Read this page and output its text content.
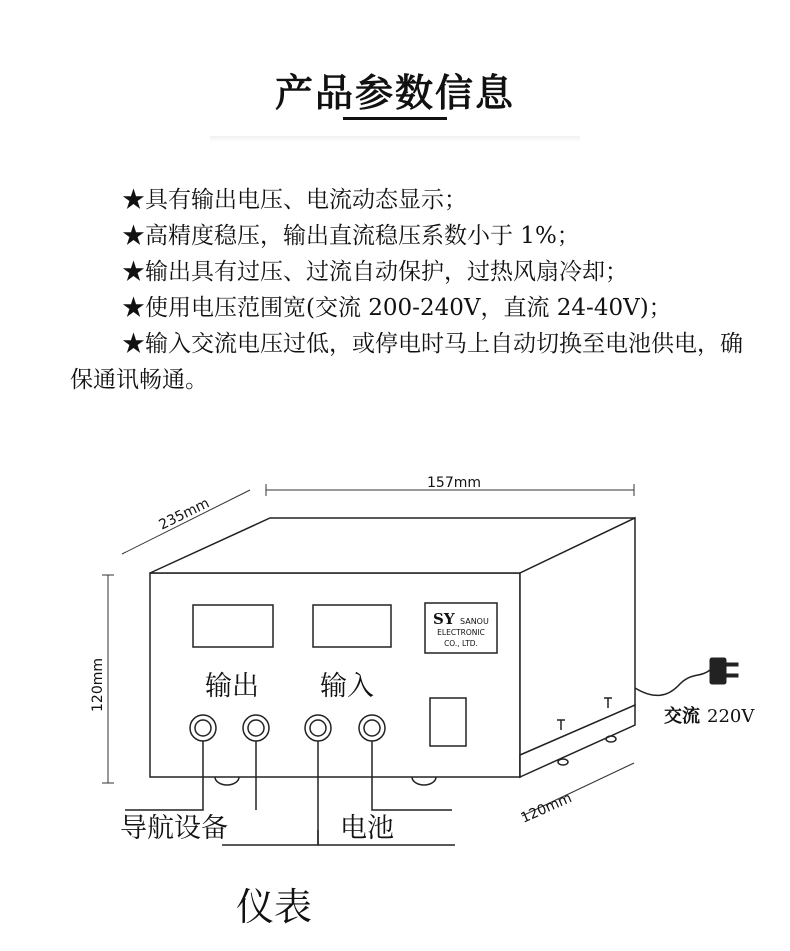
产品参数信息
★具有输出电压、电流动态显示；
★高精度稳压，输出直流稳压系数小于 1%；
★输出具有过压、过流自动保护，过热风扇冷却；
★使用电压范围宽(交流 200-240V，直流 24-40V)；
★输入交流电压过低，或停电时马上自动切换至电池供电，确保通讯畅通。
157mm
235mm
120mm
120mm
SY SANOU
ELECTRONIC
CO., LTD.
输出 输入
交流 220V
导航设备	电池
仪表
